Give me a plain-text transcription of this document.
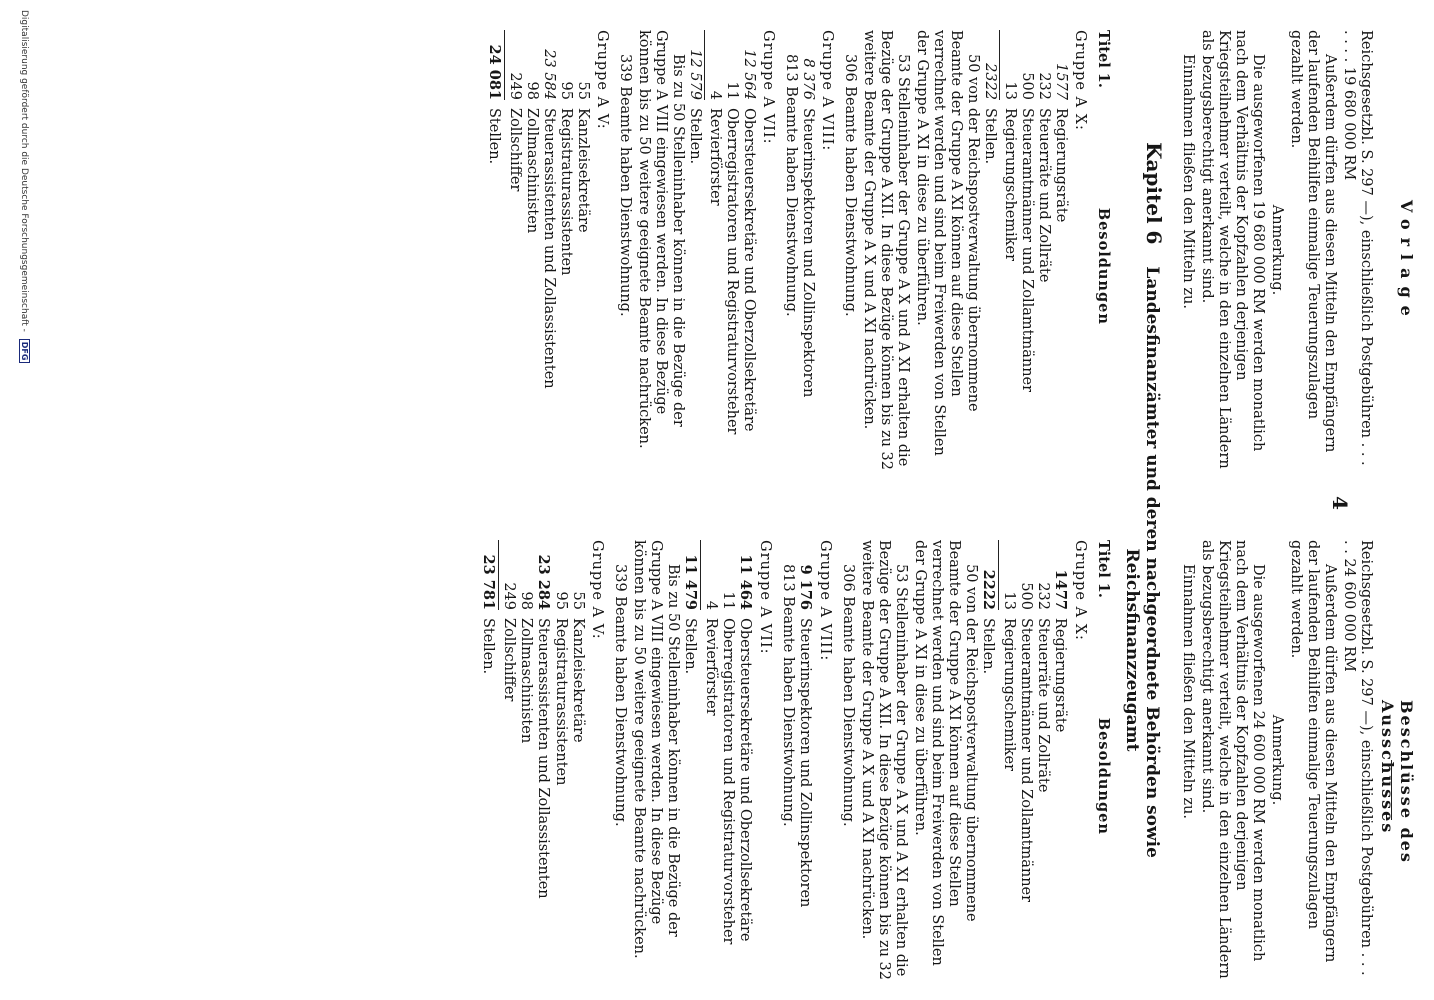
4
Vorlage
Beschlüsse des Ausschusses

Reichsgesetzbl. S. 297 —), einschließlich Postgebühren . . . . . . . 19 680 000 RM

Außerdem dürfen aus diesen Mitteln den Empfängern der laufenden Beihilfen einmalige Teuerungszulagen gezahlt werden.

Anmerkung.

Die ausgeworfenen 19 680 000 RM werden monatlich nach dem Verhältnis der Kopfzahlen derjenigen Kriegsteilnehmer verteilt, welche in den einzelnen Ländern als bezugsberechtigt anerkannt sind.

Einnahmen fließen den Mitteln zu.

Reichsgesetzbl. S. 297 —), einschließlich Postgebühren . . . . . 24 600 000 RM

Außerdem dürfen aus diesen Mitteln den Empfängern der laufenden Beihilfen einmalige Teuerungszulagen gezahlt werden.

Anmerkung.

Die ausgeworfenen 24 600 000 RM werden monatlich nach dem Verhältnis der Kopfzahlen derjenigen Kriegsteilnehmer verteilt, welche in den einzelnen Ländern als bezugsberechtigt anerkannt sind.

Einnahmen fließen den Mitteln zu.

Kapitel 6 Landesfinanzämter und deren nachgeordnete Behörden sowie
Reichsfinanzzeugamt

Titel 1.Besoldungen

Gruppe A X:

1577
Regierungsräte
232
Steuerräte und Zollräte
500
Steueramtmänner und Zollamtmänner
13
Regierungschemiker
2322
Stellen.

50 von der Reichspostverwaltung übernommene Beamte der Gruppe A XI können auf diese Stellen verrechnet werden und sind beim Freiwerden von Stellen der Gruppe A XI in diese zu überführen.

53 Stelleninhaber der Gruppe A X und A XI erhalten die Bezüge der Gruppe A XII. In diese Bezüge können bis zu 32 weitere Beamte der Gruppe A X und A XI nachrücken.

306 Beamte haben Dienstwohnung.

Gruppe A VIII:

8 376
Steuerinspektoren und Zollinspektoren

813 Beamte haben Dienstwohnung.

Gruppe A VII:

12 564
Obersteuersekretäre und Oberzollsekretäre
11
Oberregistratoren und Registraturvorsteher
4
Revierförster
12 579
Stellen.

Bis zu 50 Stelleninhaber können in die Bezüge der Gruppe A VIII eingewiesen werden. In diese Bezüge können bis zu 50 weitere geeignete Beamte nachrücken.

339 Beamte haben Dienstwohnung.

Gruppe A V:

55
Kanzleisekretäre
95
Registraturassistenten
23 584
Steuerassistenten und Zollassistenten
98
Zollmaschinisten
249
Zollschiffer
24 081
Stellen.

Titel 1.Besoldungen

Gruppe A X:

1477
Regierungsräte
232
Steuerräte und Zollräte
500
Steueramtmänner und Zollamtmänner
13
Regierungschemiker
2222
Stellen.

50 von der Reichspostverwaltung übernommene Beamte der Gruppe A XI können auf diese Stellen verrechnet werden und sind beim Freiwerden von Stellen der Gruppe A XI in diese zu überführen.

53 Stelleninhaber der Gruppe A X und A XI erhalten die Bezüge der Gruppe A XII. In diese Bezüge können bis zu 32 weitere Beamte der Gruppe A X und A XI nachrücken.

306 Beamte haben Dienstwohnung.

Gruppe A VIII:

9 176
Steuerinspektoren und Zollinspektoren

813 Beamte haben Dienstwohnung.

Gruppe A VII:

11 464
Obersteuersekretäre und Oberzollsekretäre
11
Oberregistratoren und Registraturvorsteher
4
Revierförster
11 479
Stellen.

Bis zu 50 Stelleninhaber können in die Bezüge der Gruppe A VIII eingewiesen werden. In diese Bezüge können bis zu 50 weitere geeignete Beamte nachrücken.

339 Beamte haben Dienstwohnung.

Gruppe A V:

55
Kanzleisekretäre
95
Registraturassistenten
23 284
Steuerassistenten und Zollassistenten
98
Zollmaschinisten
249
Zollschiffer
23 781
Stellen.
Digitalisierung gefördert durch die Deutsche Forschungsgemeinschaft - DFG
